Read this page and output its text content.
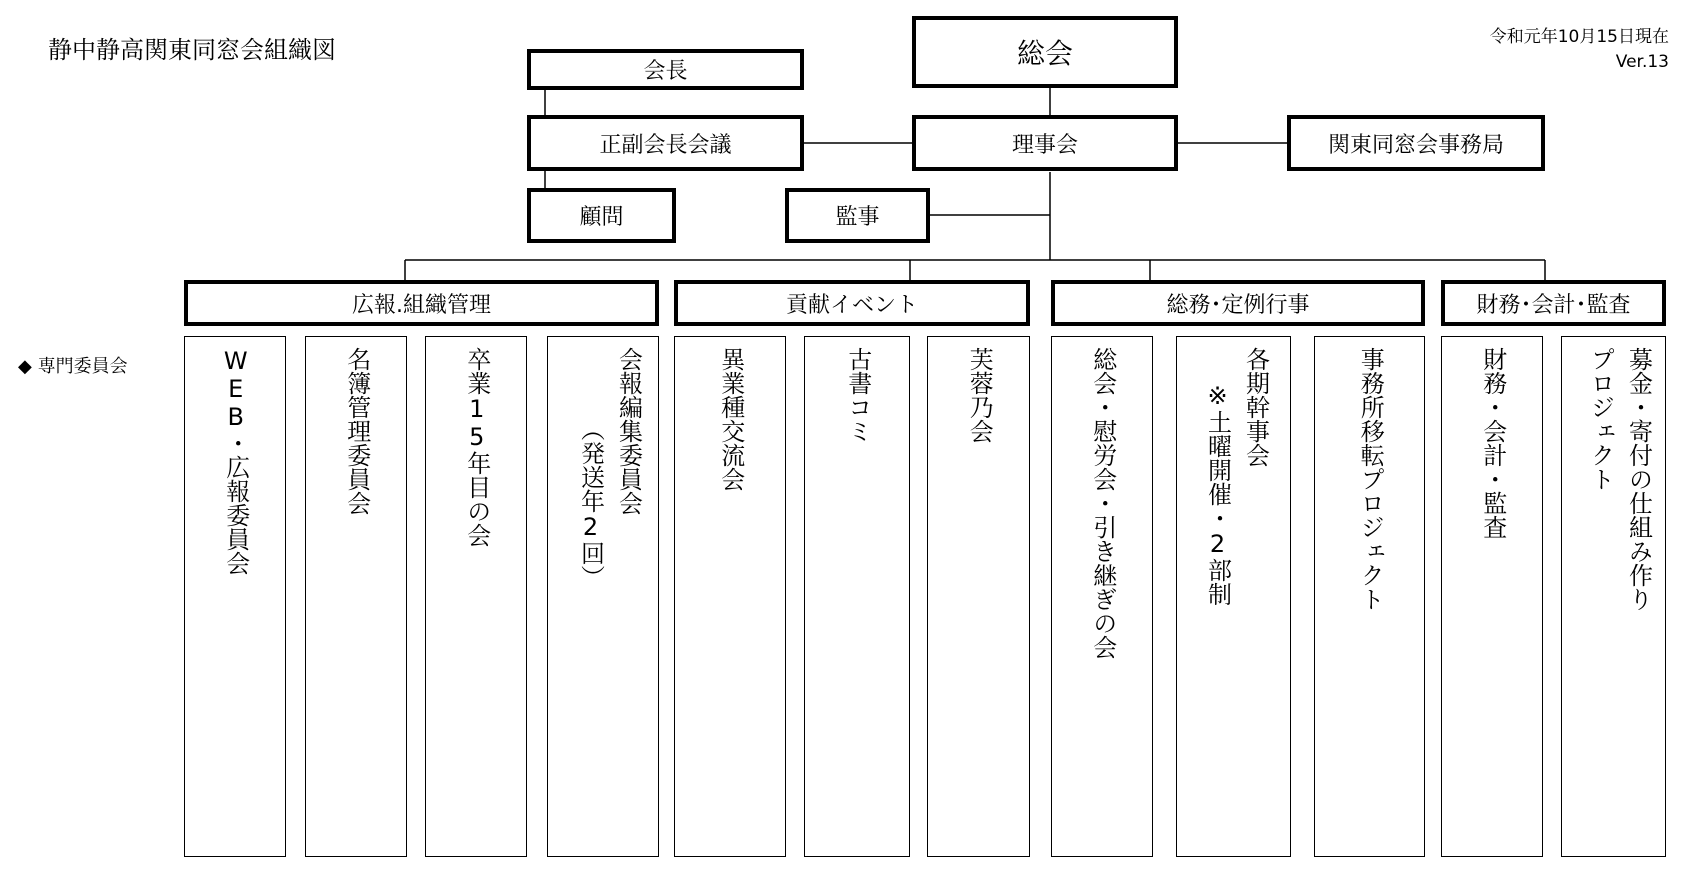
静中静高関東同窓会組織図	令和元年10月15日現在
Ver.13
総会
会長
正副会長会議	理事会	関東同窓会事務局
顧問	監事
広報.組織管理	貢献イベント	総務･定例行事	財務･会計･監査
◆ 専門委員会	WEB・広報委員会	名簿管理委員会	卒業15年目の会	会報編集委員会
（発送年2回）	異業種交流会	古書コミ	芙蓉乃会	総会・慰労会・引き継ぎの会	各期幹事会
※土曜開催・2部制	事務所移転プロジェクト	財務・会計・監査	募金・寄付の仕組み作り
プロジェクト
